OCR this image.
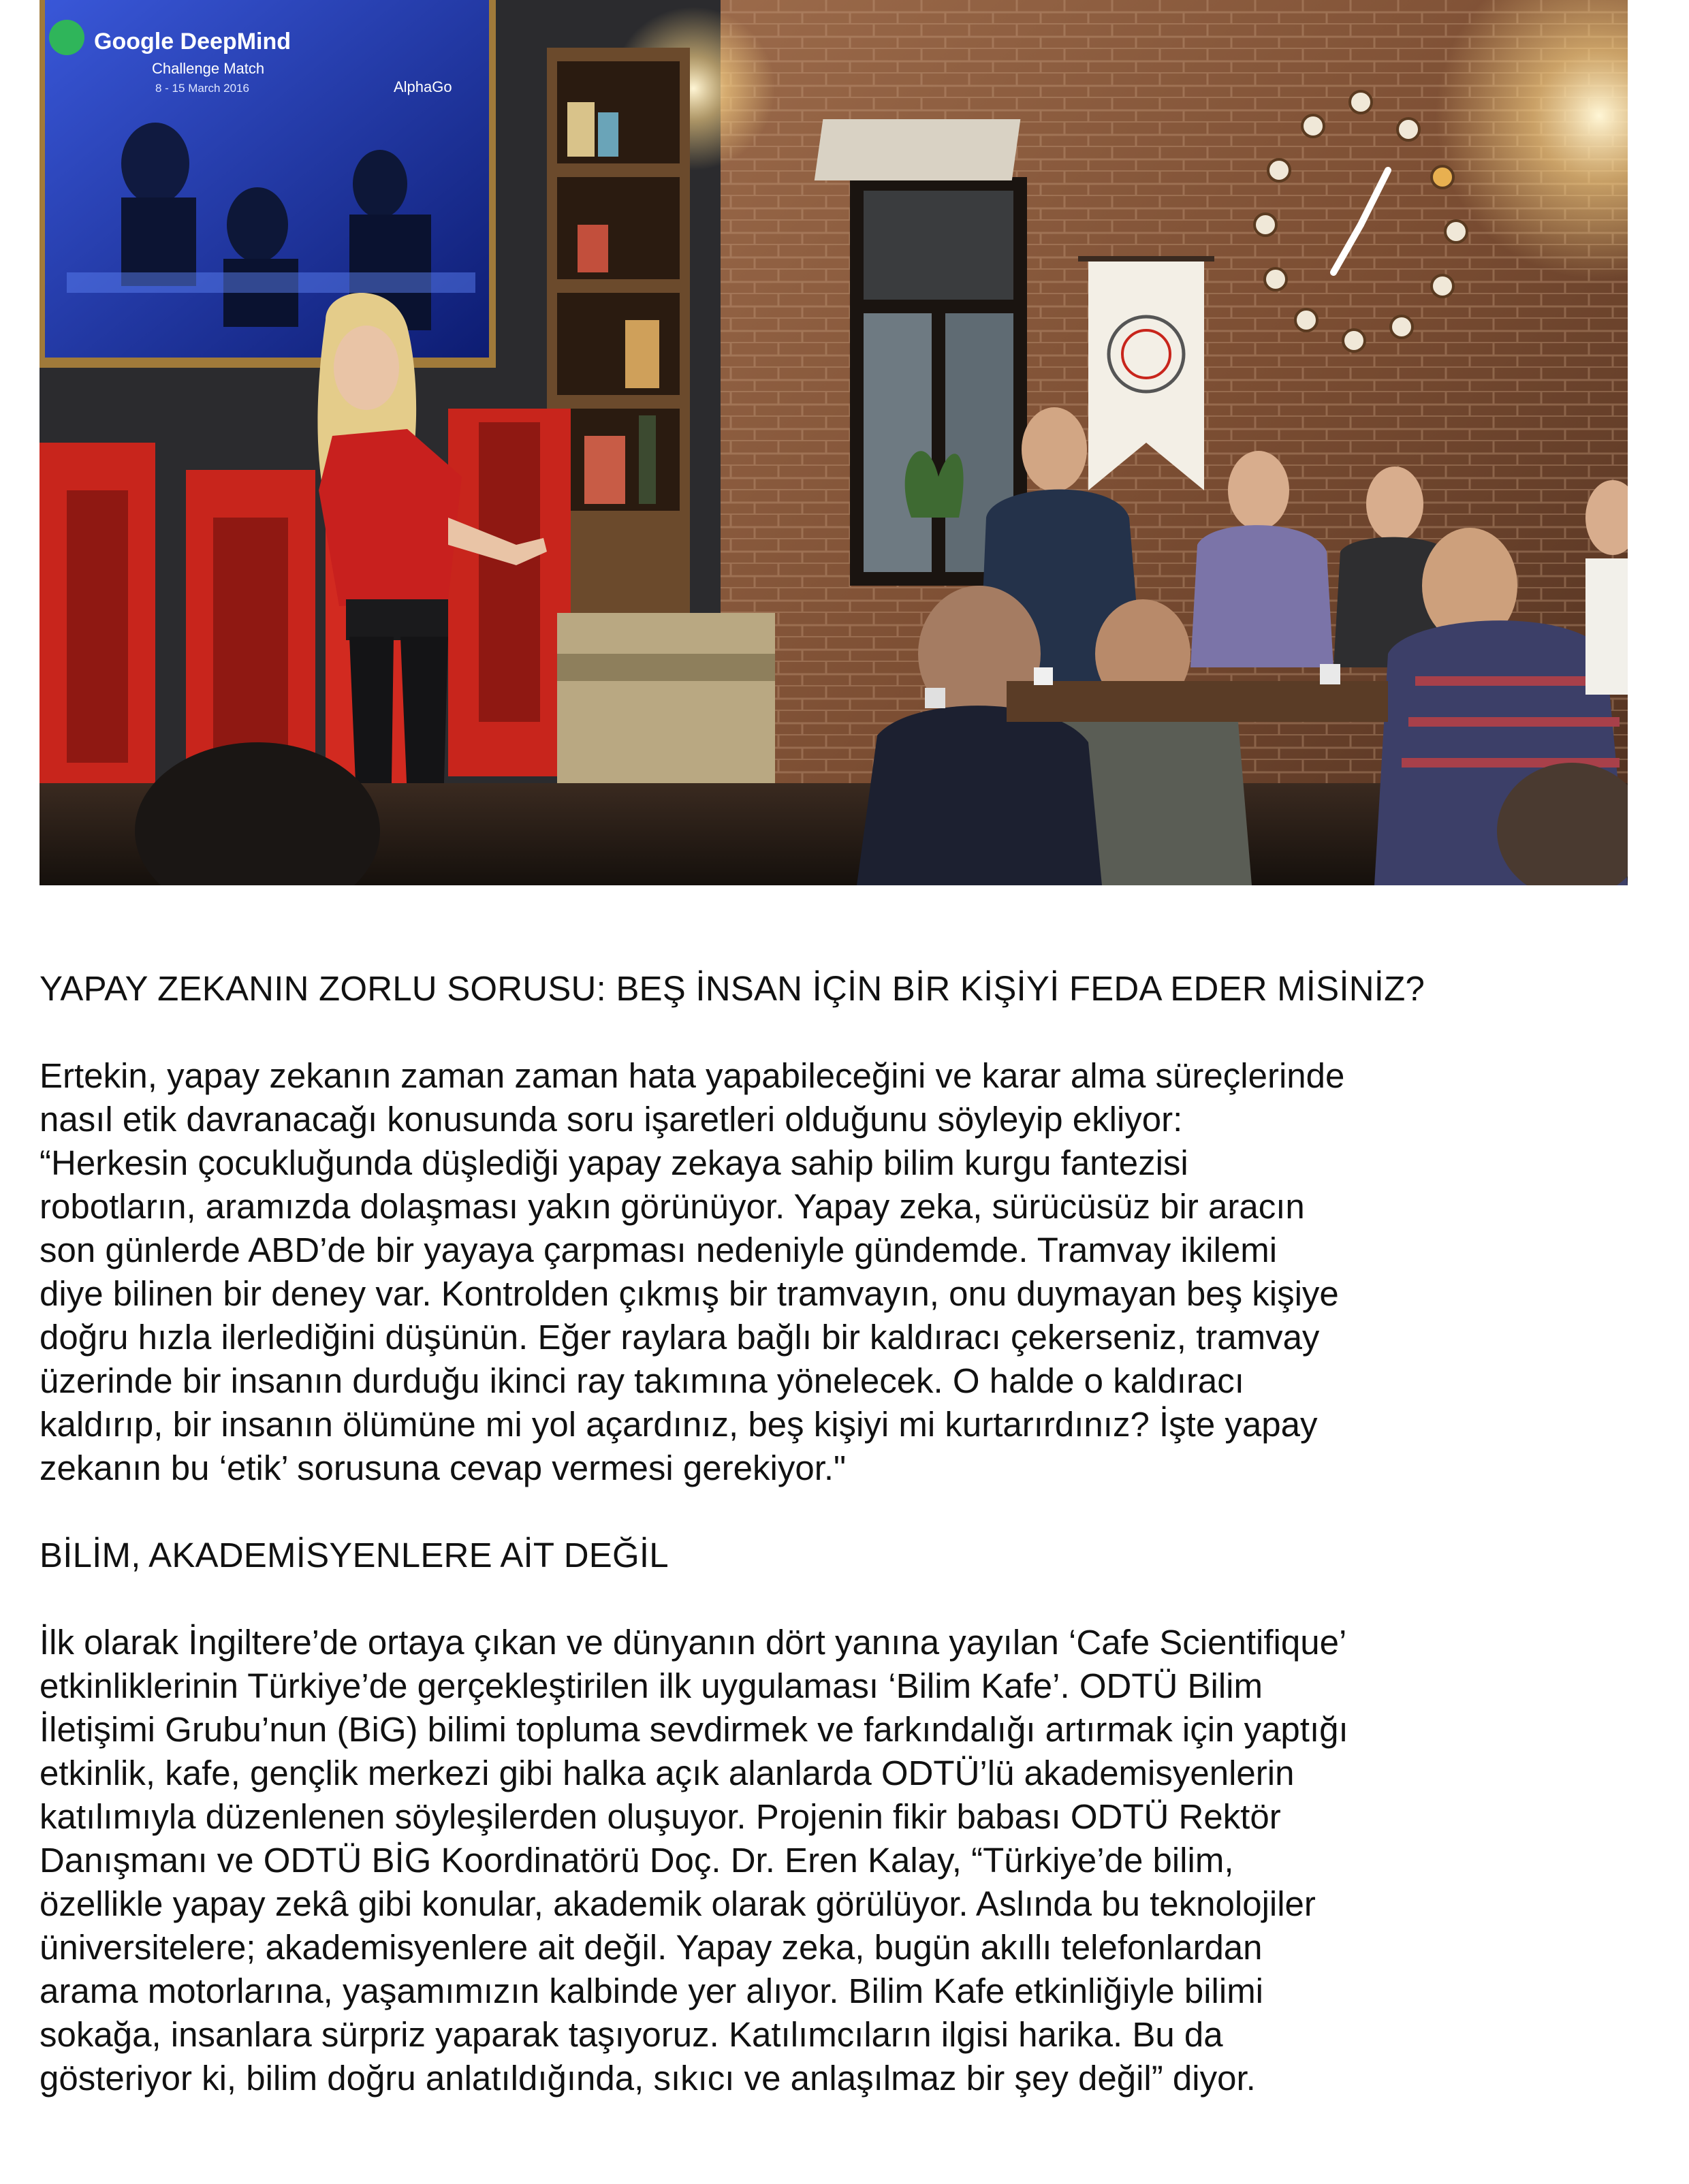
Google DeepMind
Challenge Match
8 - 15 March 2016	AlphaGo
YAPAY ZEKANIN ZORLU SORUSU: BEŞ İNSAN İÇİN BİR KİŞİYİ FEDA EDER MİSİNİZ?

Ertekin, yapay zekanın zaman zaman hata yapabileceğini ve karar alma süreçlerinde
nasıl etik davranacağı konusunda soru işaretleri olduğunu söyleyip ekliyor:
“Herkesin çocukluğunda düşlediği yapay zekaya sahip bilim kurgu fantezisi
robotların, aramızda dolaşması yakın görünüyor. Yapay zeka, sürücüsüz bir aracın
son günlerde ABD’de bir yayaya çarpması nedeniyle gündemde. Tramvay ikilemi
diye bilinen bir deney var. Kontrolden çıkmış bir tramvayın, onu duymayan beş kişiye
doğru hızla ilerlediğini düşünün. Eğer raylara bağlı bir kaldıracı çekerseniz, tramvay
üzerinde bir insanın durduğu ikinci ray takımına yönelecek. O halde o kaldıracı
kaldırıp, bir insanın ölümüne mi yol açardınız, beş kişiyi mi kurtarırdınız? İşte yapay
zekanın bu ‘etik’ sorusuna cevap vermesi gerekiyor."

BİLİM, AKADEMİSYENLERE AİT DEĞİL

İlk olarak İngiltere’de ortaya çıkan ve dünyanın dört yanına yayılan ‘Cafe Scientifique’
etkinliklerinin Türkiye’de gerçekleştirilen ilk uygulaması ‘Bilim Kafe’. ODTÜ Bilim
İletişimi Grubu’nun (BiG) bilimi topluma sevdirmek ve farkındalığı artırmak için yaptığı
etkinlik, kafe, gençlik merkezi gibi halka açık alanlarda ODTÜ’lü akademisyenlerin
katılımıyla düzenlenen söyleşilerden oluşuyor. Projenin fikir babası ODTÜ Rektör
Danışmanı ve ODTÜ BİG Koordinatörü Doç. Dr. Eren Kalay, “Türkiye’de bilim,
özellikle yapay zekâ gibi konular, akademik olarak görülüyor. Aslında bu teknolojiler
üniversitelere; akademisyenlere ait değil. Yapay zeka, bugün akıllı telefonlardan
arama motorlarına, yaşamımızın kalbinde yer alıyor. Bilim Kafe etkinliğiyle bilimi
sokağa, insanlara sürpriz yaparak taşıyoruz. Katılımcıların ilgisi harika. Bu da
gösteriyor ki, bilim doğru anlatıldığında, sıkıcı ve anlaşılmaz bir şey değil” diyor.
